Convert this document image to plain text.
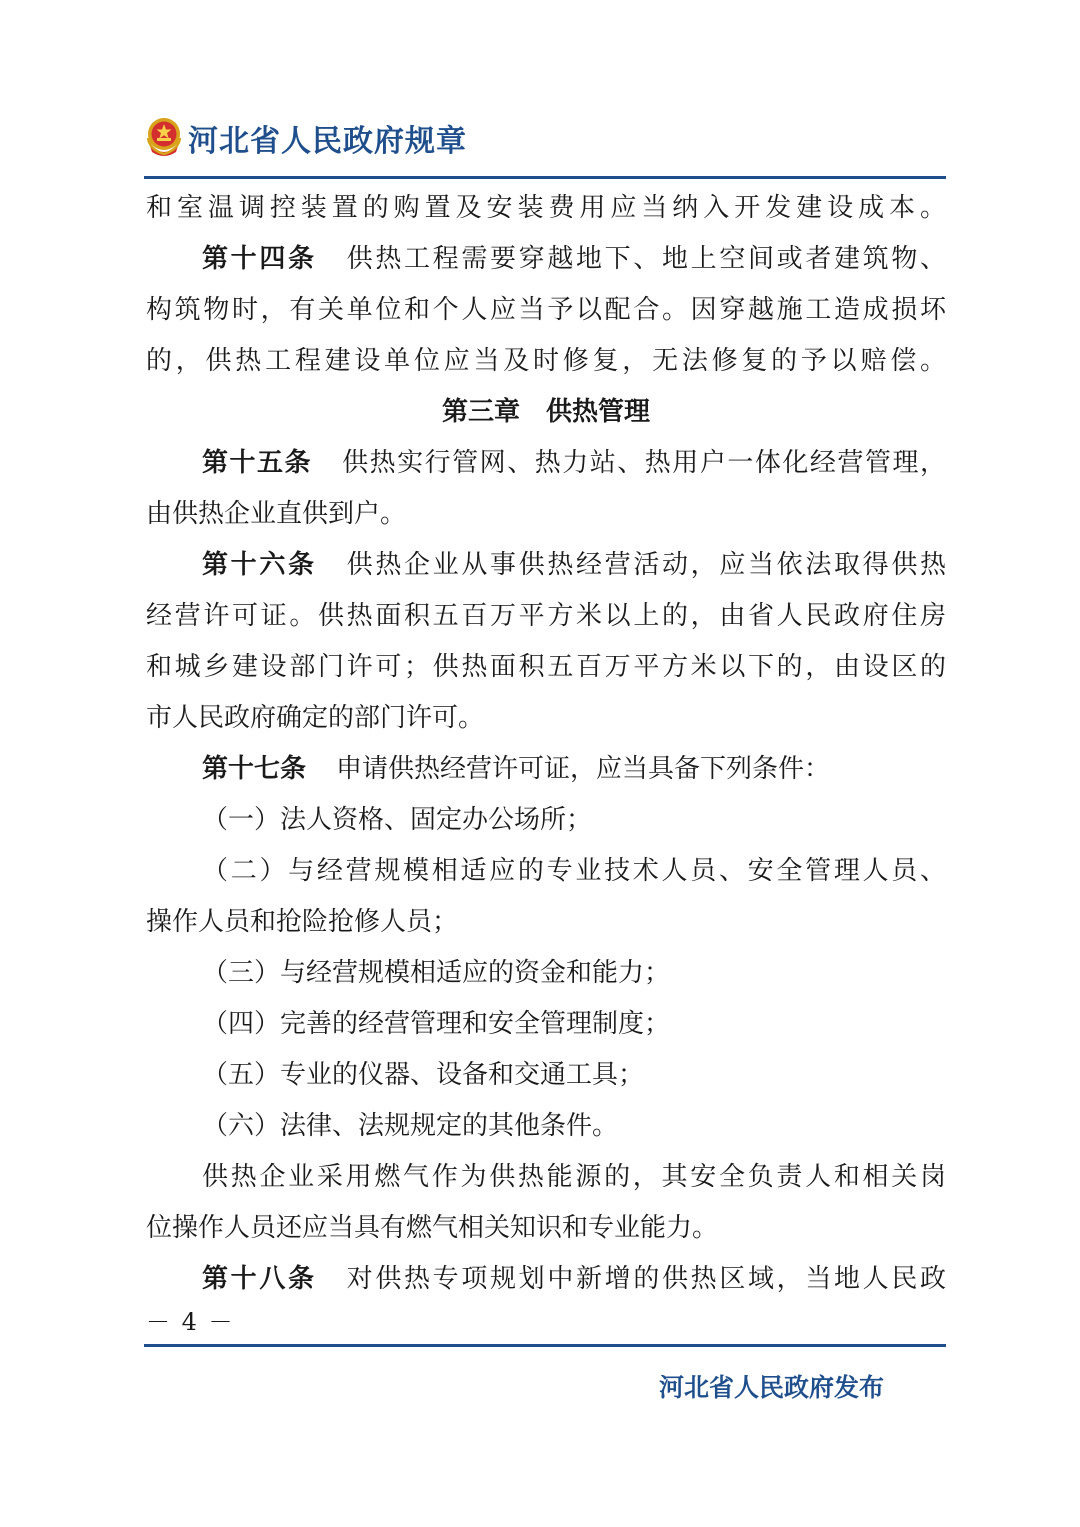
河北省人民政府规章
和室温调控装置的购置及安装费用应当纳入开发建设成本。
第十四条 供热工程需要穿越地下、地上空间或者建筑物、
构筑物时，有关单位和个人应当予以配合。因穿越施工造成损坏
的，供热工程建设单位应当及时修复，无法修复的予以赔偿。
第三章　供热管理
第十五条 供热实行管网、热力站、热用户一体化经营管理，
由供热企业直供到户。
第十六条 供热企业从事供热经营活动，应当依法取得供热
经营许可证。供热面积五百万平方米以上的，由省人民政府住房
和城乡建设部门许可；供热面积五百万平方米以下的，由设区的
市人民政府确定的部门许可。
第十七条 申请供热经营许可证，应当具备下列条件：
（一）法人资格、固定办公场所；
（二）与经营规模相适应的专业技术人员、安全管理人员、
操作人员和抢险抢修人员；
（三）与经营规模相适应的资金和能力；
（四）完善的经营管理和安全管理制度；
（五）专业的仪器、设备和交通工具；
（六）法律、法规规定的其他条件。
供热企业采用燃气作为供热能源的，其安全负责人和相关岗
位操作人员还应当具有燃气相关知识和专业能力。
第十八条 对供热专项规划中新增的供热区域，当地人民政
－ 4 －
河北省人民政府发布
